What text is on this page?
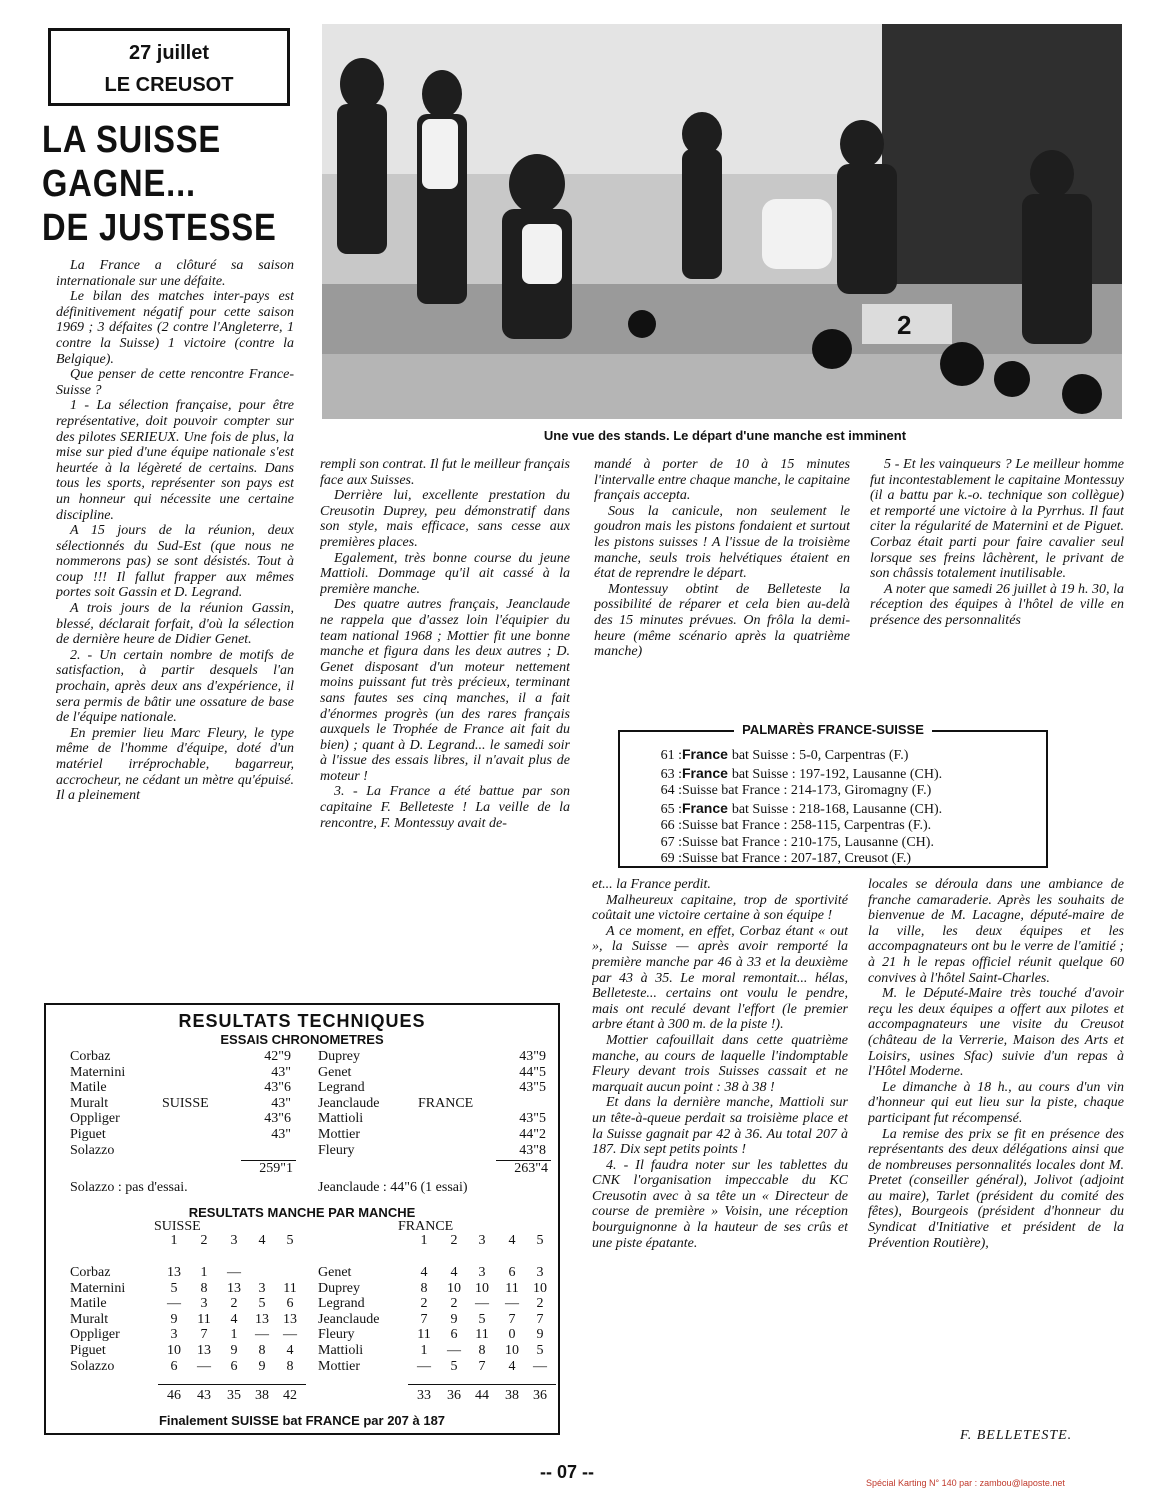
27 juillet
LE CREUSOT
LA SUISSE
GAGNE...
DE JUSTESSE
2
Une vue des stands. Le départ d'une manche est imminent

La France a clôturé sa saison internationale sur une défaite.

Le bilan des matches inter-pays est définitivement négatif pour cette saison 1969 ; 3 défaites (2 contre l'Angleterre, 1 contre la Suisse) 1 victoire (contre la Belgique).

Que penser de cette rencontre France-Suisse ?

1 - La sélection française, pour être représentative, doit pouvoir compter sur des pilotes SERIEUX. Une fois de plus, la mise sur pied d'une équipe nationale s'est heurtée à la légèreté de certains. Dans tous les sports, représenter son pays est un honneur qui nécessite une certaine discipline.

A 15 jours de la réunion, deux sélectionnés du Sud-Est (que nous ne nommerons pas) se sont désistés. Tout à coup !!! Il fallut frapper aux mêmes portes soit Gassin et D. Legrand.

A trois jours de la réunion Gassin, blessé, déclarait forfait, d'où la sélection de dernière heure de Didier Genet.

2. - Un certain nombre de motifs de satisfaction, à partir desquels l'an prochain, après deux ans d'expérience, il sera permis de bâtir une ossature de base de l'équipe nationale.

En premier lieu Marc Fleury, le type même de l'homme d'équipe, doté d'un matériel irréprochable, bagarreur, accrocheur, ne cédant un mètre qu'épuisé. Il a pleinement

rempli son contrat. Il fut le meilleur français face aux Suisses.

Derrière lui, excellente prestation du Creusotin Duprey, peu démonstratif dans son style, mais efficace, sans cesse aux premières places.

Egalement, très bonne course du jeune Mattioli. Dommage qu'il ait cassé à la première manche.

Des quatre autres français, Jeanclaude ne rappela que d'assez loin l'équipier du team national 1968 ; Mottier fit une bonne manche et figura dans les deux autres ; D. Genet disposant d'un moteur nettement moins puissant fut très précieux, terminant sans fautes ses cinq manches, il a fait d'énormes progrès (un des rares français auxquels le Trophée de France ait fait du bien) ; quant à D. Legrand... le samedi soir à l'issue des essais libres, il n'avait plus de moteur !

3. - La France a été battue par son capitaine F. Belleteste ! La veille de la rencontre, F. Montessuy avait de-

mandé à porter de 10 à 15 minutes l'intervalle entre chaque manche, le capitaine français accepta.

Sous la canicule, non seulement le goudron mais les pistons fondaient et surtout les pistons suisses ! A l'issue de la troisième manche, seuls trois helvétiques étaient en état de reprendre le départ.

Montessuy obtint de Belleteste la possibilité de réparer et cela bien au-delà des 15 minutes prévues. On frôla la demi-heure (même scénario après la quatrième manche)

5 - Et les vainqueurs ? Le meilleur homme fut incontestablement le capitaine Montessuy (il a battu par k.-o. technique son collègue) et remporté une victoire à la Pyrrhus. Il faut citer la régularité de Maternini et de Piguet. Corbaz était parti pour faire cavalier seul lorsque ses freins lâchèrent, le privant de son châssis totalement inutilisable.

A noter que samedi 26 juillet à 19 h. 30, la réception des équipes à l'hôtel de ville en présence des personnalités

PALMARÈS FRANCE-SUISSE
61 :France bat Suisse : 5-0, Carpentras (F.)
63 :France bat Suisse : 197-192, Lausanne (CH).
64 :Suisse bat France : 214-173, Giromagny (F.)
65 :France bat Suisse : 218-168, Lausanne (CH).
66 :Suisse bat France : 258-115, Carpentras (F.).
67 :Suisse bat France : 210-175, Lausanne (CH).
69 :Suisse bat France : 207-187, Creusot (F.)

et... la France perdit.

Malheureux capitaine, trop de sportivité coûtait une victoire certaine à son équipe !

A ce moment, en effet, Corbaz étant « out », la Suisse — après avoir remporté la première manche par 46 à 33 et la deuxième par 43 à 35. Le moral remontait... hélas, Belleteste... certains ont voulu le pendre, mais ont reculé devant l'effort (le premier arbre étant à 300 m. de la piste !).

Mottier cafouillait dans cette quatrième manche, au cours de laquelle l'indomptable Fleury devant trois Suisses cassait et ne marquait aucun point : 38 à 38 !

Et dans la dernière manche, Mattioli sur un tête-à-queue perdait sa troisième place et la Suisse gagnait par 42 à 36. Au total 207 à 187. Dix sept petits points !

4. - Il faudra noter sur les tablettes du CNK l'organisation impeccable du KC Creusotin avec à sa tête un « Directeur de course de première » Voisin, une réception bourguignonne à la hauteur de ses crûs et une piste épatante.

locales se déroula dans une ambiance de franche camaraderie. Après les souhaits de bienvenue de M. Lacagne, député-maire de la ville, les deux équipes et les accompagnateurs ont bu le verre de l'amitié ; à 21 h le repas officiel réunit quelque 60 convives à l'hôtel Saint-Charles.

M. le Député-Maire très touché d'avoir reçu les deux équipes a offert aux pilotes et accompagnateurs une visite du Creusot (château de la Verrerie, Maison des Arts et Loisirs, usines Sfac) suivie d'un repas à l'Hôtel Moderne.

Le dimanche à 18 h., au cours d'un vin d'honneur qui eut lieu sur la piste, chaque participant fut récompensé.

La remise des prix se fit en présence des représentants des deux délégations ainsi que de nombreuses personnalités locales dont M. Pretet (conseiller général), Jolivot (adjoint au maire), Tarlet (président du comité des fêtes), Bourgeois (président d'honneur du Syndicat d'Initiative et président de la Prévention Routière),

F. BELLETESTE.
RESULTATS TECHNIQUES
ESSAIS CHRONOMETRES
RESULTATS MANCHE PAR MANCHE
Finalement SUISSE bat FRANCE par 207 à 187
Corbaz	42"9
Maternini	43"
Matile	43"6
Muralt	43"
Oppliger	43"6
Piguet	43"
Solazzo
SUISSE
Duprey	43"9
Genet	44"5
Legrand	43"5
Jeanclaude
Mattioli	43"5
Mottier	44"2
Fleury	43"8
FRANCE
259"1	263"4
Solazzo : pas d'essai.	Jeanclaude : 44"6 (1 essai)
SUISSE	FRANCE
1	1
2	2
3	3
4	4
5	5
Corbaz	13	1	—
Maternini	5	8	13	3	11
Matile	—	3	2	5	6
Muralt	9	11	4	13	13
Oppliger	3	7	1	—	—
Piguet	10	13	9	8	4
Solazzo	6	—	6	9	8
Genet	4	4	3	6	3
Duprey	8	10	10	11	10
Legrand	2	2	—	—	2
Jeanclaude	7	9	5	7	7
Fleury	11	6	11	0	9
Mattioli	1	—	8	10	5
Mottier	—	5	7	4	—
46	43	35	38	42	33	36	44	38	36
-- 07 --
Spécial Karting N° 140 par : zambou@laposte.net
